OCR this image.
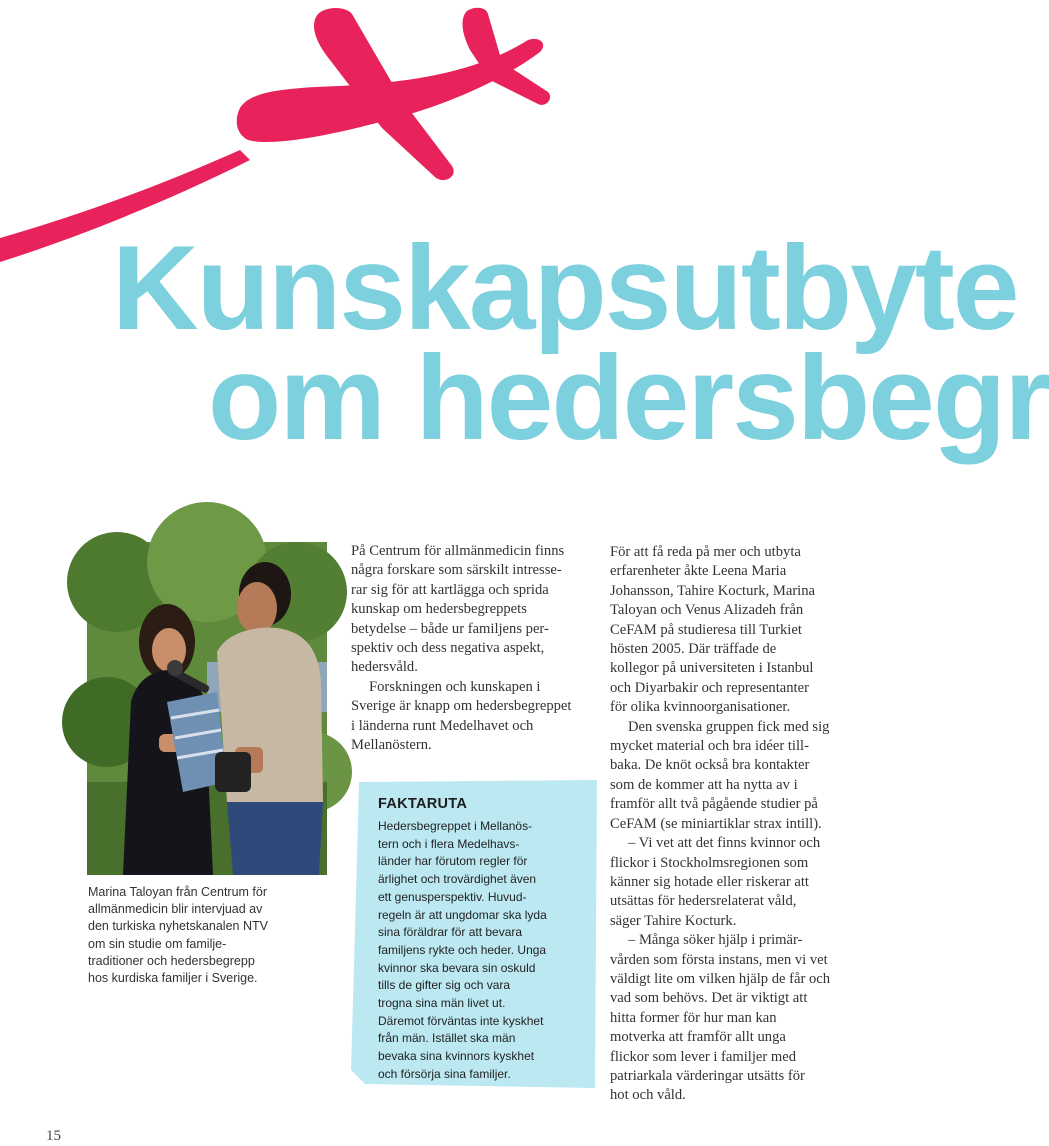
Kunskapsutbyte
om hedersbegr
Marina Taloyan från Centrum för
allmänmedicin blir intervjuad av
den turkiska nyhetskanalen NTV
om sin studie om familje-
traditioner och hedersbegrepp
hos kurdiska familjer i Sverige.

På Centrum för allmänmedicin finns
några forskare som särskilt intresse-
rar sig för att kartlägga och sprida
kunskap om hedersbegreppets
betydelse – både ur familjens per-
spektiv och dess negativa aspekt,
hedersvåld.

Forskningen och kunskapen i
Sverige är knapp om hedersbegreppet
i länderna runt Medelhavet och
Mellanöstern.

FAKTARUTA

Hedersbegreppet i Mellanös-
tern och i flera Medelhavs-
länder har förutom regler för
ärlighet och trovärdighet även
ett genusperspektiv. Huvud-
regeln är att ungdomar ska lyda
sina föräldrar för att bevara
familjens rykte och heder. Unga
kvinnor ska bevara sin oskuld
tills de gifter sig och vara
trogna sina män livet ut.
Däremot förväntas inte kyskhet
från män. Istället ska män
bevaka sina kvinnors kyskhet
och försörja sina familjer.

För att få reda på mer och utbyta
erfarenheter åkte Leena Maria
Johansson, Tahire Kocturk, Marina
Taloyan och Venus Alizadeh från
CeFAM på studieresa till Turkiet
hösten 2005. Där träffade de
kollegor på universiteten i Istanbul
och Diyarbakir och representanter
för olika kvinnoorganisationer.

Den svenska gruppen fick med sig
mycket material och bra idéer till-
baka. De knöt också bra kontakter
som de kommer att ha nytta av i
framför allt två pågående studier på
CeFAM (se miniartiklar strax intill).

– Vi vet att det finns kvinnor och
flickor i Stockholmsregionen som
känner sig hotade eller riskerar att
utsättas för hedersrelaterat våld,
säger Tahire Kocturk.

– Många söker hjälp i primär-
vården som första instans, men vi vet
väldigt lite om vilken hjälp de får och
vad som behövs. Det är viktigt att
hitta former för hur man kan
motverka att framför allt unga
flickor som lever i familjer med
patriarkala värderingar utsätts för
hot och våld.

15
